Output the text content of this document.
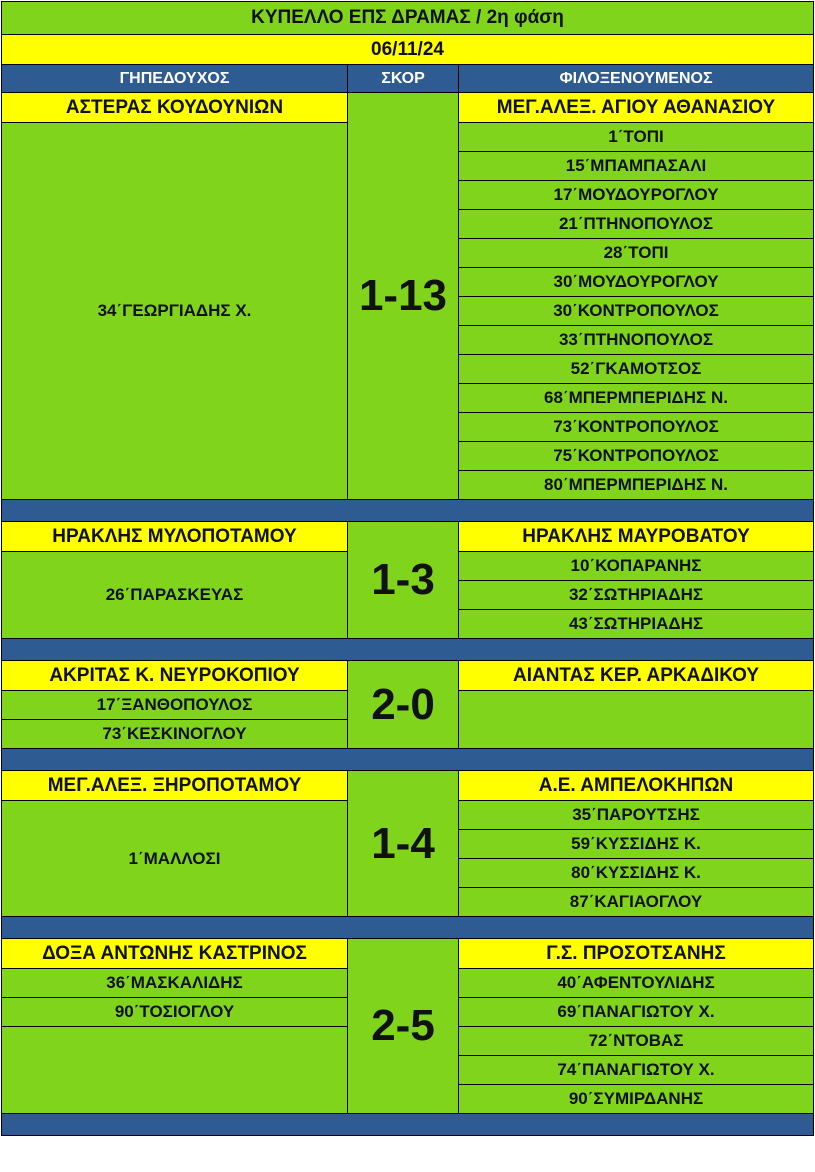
ΚΥΠΕΛΛΟ ΕΠΣ ΔΡΑΜΑΣ / 2η φάση		
06/11/24		
ΓΗΠΕΔΟΥΧΟΣ	ΣΚΟΡ	ΦΙΛΟΞΕΝΟΥΜΕΝΟΣ
ΑΣΤΕΡΑΣ ΚΟΥΔΟΥΝΙΩΝ	1-13	ΜΕΓ.ΑΛΕΞ. ΑΓΙΟΥ ΑΘΑΝΑΣΙΟΥ
34΄ΓΕΩΡΓΙΑΔΗΣ Χ.		1΄ΤΟΠΙ
		15΄ΜΠΑΜΠΑΣΑΛΙ
		17΄ΜΟΥΔΟΥΡΟΓΛΟΥ
		21΄ΠΤΗΝΟΠΟΥΛΟΣ
		28΄ΤΟΠΙ
		30΄ΜΟΥΔΟΥΡΟΓΛΟΥ
		30΄ΚΟΝΤΡΟΠΟΥΛΟΣ
		33΄ΠΤΗΝΟΠΟΥΛΟΣ
		52΄ΓΚΑΜΟΤΣΟΣ
		68΄ΜΠΕΡΜΠΕΡΙΔΗΣ Ν.
		73΄ΚΟΝΤΡΟΠΟΥΛΟΣ
		75΄ΚΟΝΤΡΟΠΟΥΛΟΣ
		80΄ΜΠΕΡΜΠΕΡΙΔΗΣ Ν.

ΗΡΑΚΛΗΣ ΜΥΛΟΠΟΤΑΜΟΥ	1-3	ΗΡΑΚΛΗΣ ΜΑΥΡΟΒΑΤΟΥ
26΄ΠΑΡΑΣΚΕΥΑΣ		10΄ΚΟΠΑΡΑΝΗΣ
		32΄ΣΩΤΗΡΙΑΔΗΣ
		43΄ΣΩΤΗΡΙΑΔΗΣ

ΑΚΡΙΤΑΣ Κ. ΝΕΥΡΟΚΟΠΙΟΥ	2-0	ΑΙΑΝΤΑΣ ΚΕΡ. ΑΡΚΑΔΙΚΟΥ
17΄ΞΑΝΘΟΠΟΥΛΟΣ		
73΄ΚΕΣΚΙΝΟΓΛΟΥ		

ΜΕΓ.ΑΛΕΞ. ΞΗΡΟΠΟΤΑΜΟΥ	1-4	Α.Ε. ΑΜΠΕΛΟΚΗΠΩΝ
1΄ΜΑΛΛΟΣΙ		35΄ΠΑΡΟΥΤΣΗΣ
		59΄ΚΥΣΣΙΔΗΣ Κ.
		80΄ΚΥΣΣΙΔΗΣ Κ.
		87΄ΚΑΓΙΑΟΓΛΟΥ

ΔΟΞΑ ΑΝΤΩΝΗΣ ΚΑΣΤΡΙΝΟΣ	2-5	Γ.Σ. ΠΡΟΣΟΤΣΑΝΗΣ
36΄ΜΑΣΚΑΛΙΔΗΣ		40΄ΑΦΕΝΤΟΥΛΙΔΗΣ
90΄ΤΟΣΙΟΓΛΟΥ		69΄ΠΑΝΑΓΙΩΤΟΥ Χ.
		72΄ΝΤΟΒΑΣ
		74΄ΠΑΝΑΓΙΩΤΟΥ Χ.
		90΄ΣΥΜΙΡΔΑΝΗΣ
